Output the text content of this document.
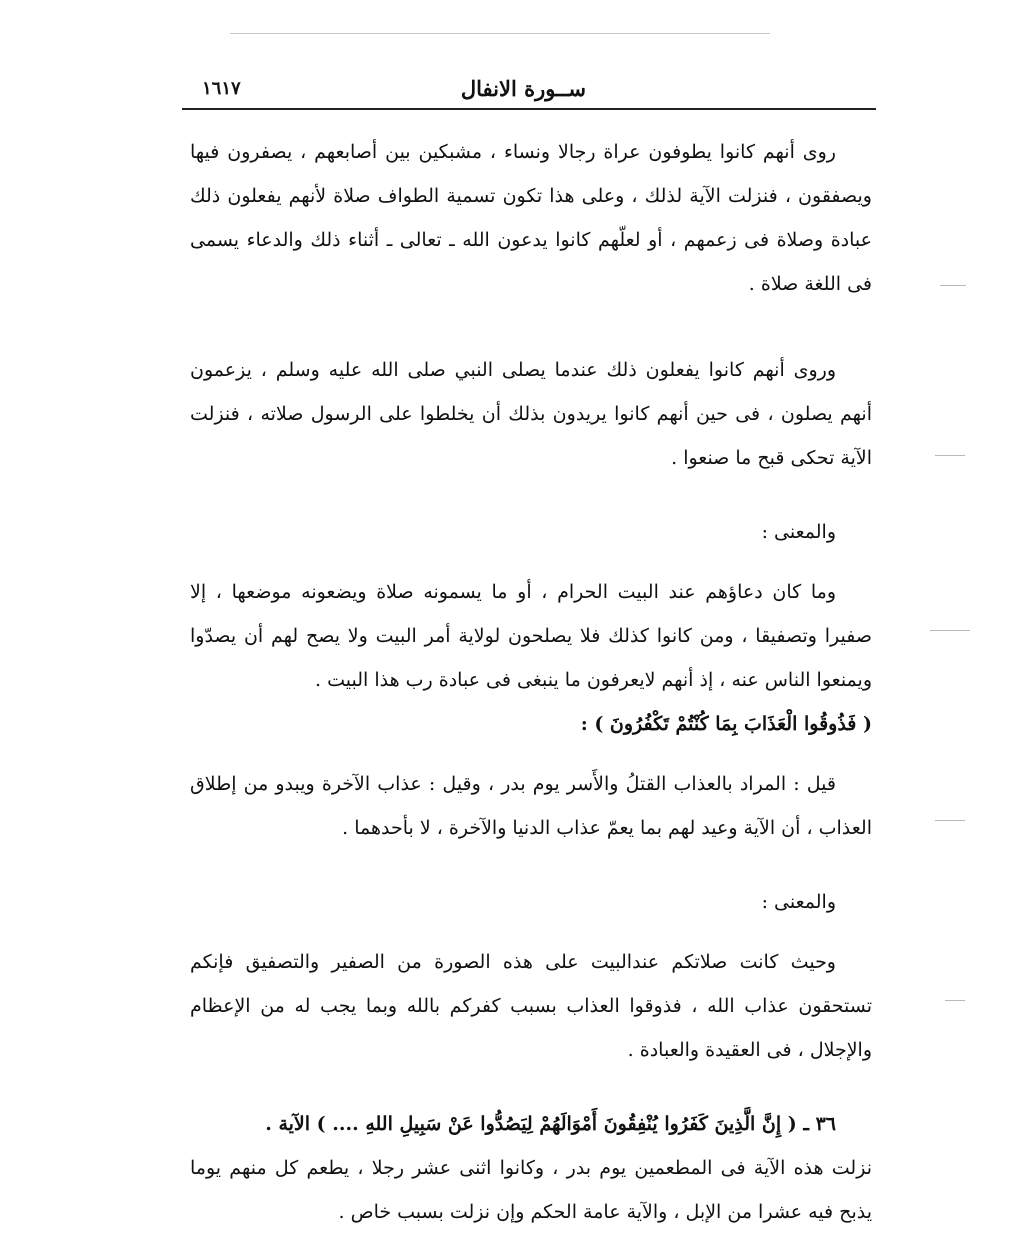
ســورة الانفال
١٦١٧

روى أنهم كانوا يطوفون عراة رجالا ونساء ، مشبكين بين أصابعهم ، يصفرون فيها ويصفقون ، فنزلت الآية لذلك ، وعلى هذا تكون تسمية الطواف صلاة لأنهم يفعلون ذلك عبادة وصلاة فى زعمهم ، أو لعلّهم كانوا يدعون الله ـ تعالى ـ أثناء ذلك والدعاء يسمى فى اللغة صلاة .

وروى أنهم كانوا يفعلون ذلك عندما يصلى النبي صلى الله عليه وسلم ، يزعمون أنهم يصلون ، فى حين أنهم كانوا يريدون بذلك أن يخلطوا على الرسول صلاته ، فنزلت الآية تحكى قبح ما صنعوا .

والمعنى :

وما كان دعاؤهم عند البيت الحرام ، أو ما يسمونه صلاة ويضعونه موضعها ، إلا صفيرا وتصفيقا ، ومن كانوا كذلك فلا يصلحون لولاية أمر البيت ولا يصح لهم أن يصدّوا ويمنعوا الناس عنه ، إذ أنهم لايعرفون ما ينبغى فى عبادة رب هذا البيت .

( فَذُوقُوا الْعَذَابَ بِمَا كُنْتُمْ تَكْفُرُونَ ) :

قيل : المراد بالعذاب القتلُ والأَسر يوم بدر ، وقيل : عذاب الآخرة ويبدو من إطلاق العذاب ، أن الآية وعيد لهم بما يعمّ عذاب الدنيا والآخرة ، لا بأحدهما .

والمعنى :

وحيث كانت صلاتكم عندالبيت على هذه الصورة من الصفير والتصفيق فإنكم تستحقون عذاب الله ، فذوقوا العذاب بسبب كفركم بالله وبما يجب له من الإعظام والإجلال ، فى العقيدة والعبادة .

٣٦ ـ ( إِنَّ الَّذِينَ كَفَرُوا يُنْفِقُونَ أَمْوَالَهُمْ لِيَصُدُّوا عَنْ سَبِيلِ اللهِ .... ) الآية .

نزلت هذه الآية فى المطعمين يوم بدر ، وكانوا اثنى عشر رجلا ، يطعم كل منهم يوما يذبح فيه عشرا من الإبل ، والآية عامة الحكم وإن نزلت بسبب خاص .
